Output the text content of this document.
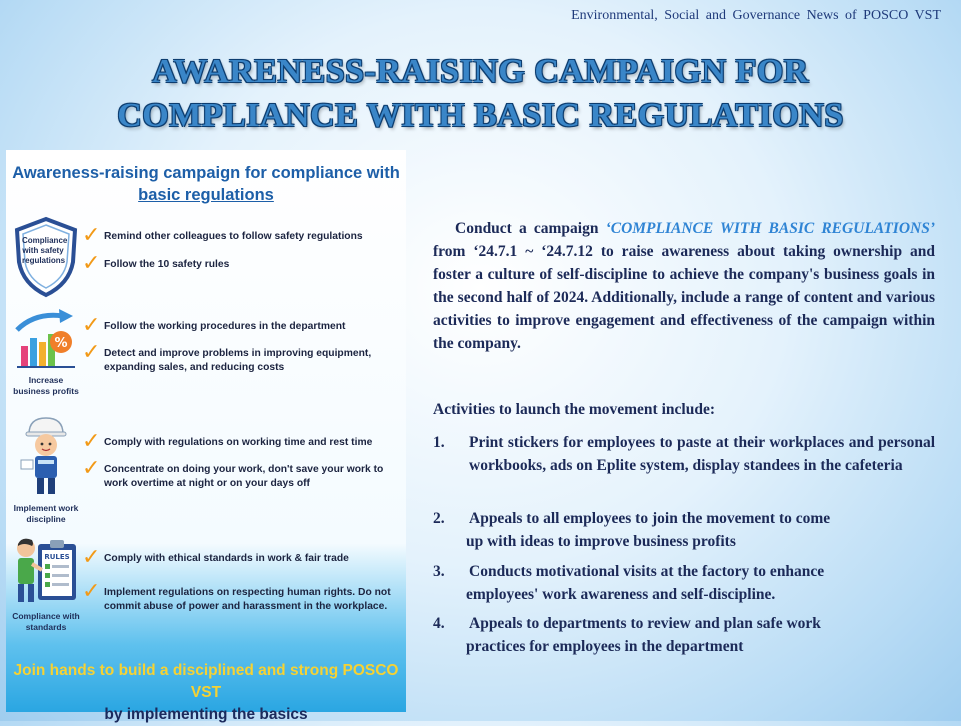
Environmental, Social and Governance News of POSCO VST
AWARENESS-RAISING CAMPAIGN FOR
COMPLIANCE WITH BASIC REGULATIONS
Awareness-raising campaign for compliance with
basic regulations
Compliance with safety regulations
✓ Remind other colleagues to follow safety regulations
✓ Follow the 10 safety rules
%
Increase business profits
✓ Follow the working procedures in the department
✓ Detect and improve problems in improving equipment, expanding sales, and reducing costs
Implement work discipline
✓ Comply with regulations on working time and rest time
✓ Concentrate on doing your work, don't save your work to work overtime at night or on your days off
RULES
Compliance with standards
✓ Comply with ethical standards in work & fair trade
✓ Implement regulations on respecting human rights. Do not commit abuse of power and harassment in the workplace.
Join hands to build a disciplined and strong POSCO VST
by implementing the basics
Conduct a campaign ‘COMPLIANCE WITH BASIC REGULATIONS’ from ‘24.7.1 ~ ‘24.7.12 to raise awareness about taking ownership and foster a culture of self-discipline to achieve the company's business goals in the second half of 2024. Additionally, include a range of content and various activities to improve engagement and effectiveness of the campaign within the company.
Activities to launch the movement include:
1.	Print stickers for employees to paste at their workplaces and personal workbooks, ads on Eplite system, display standees in the cafeteria
2.	Appeals to all employees to join the movement to come
up with ideas to improve business profits
3.	Conducts motivational visits at the factory to enhance
employees' work awareness and self-discipline.
4.	Appeals to departments to review and plan safe work
practices for employees in the department
